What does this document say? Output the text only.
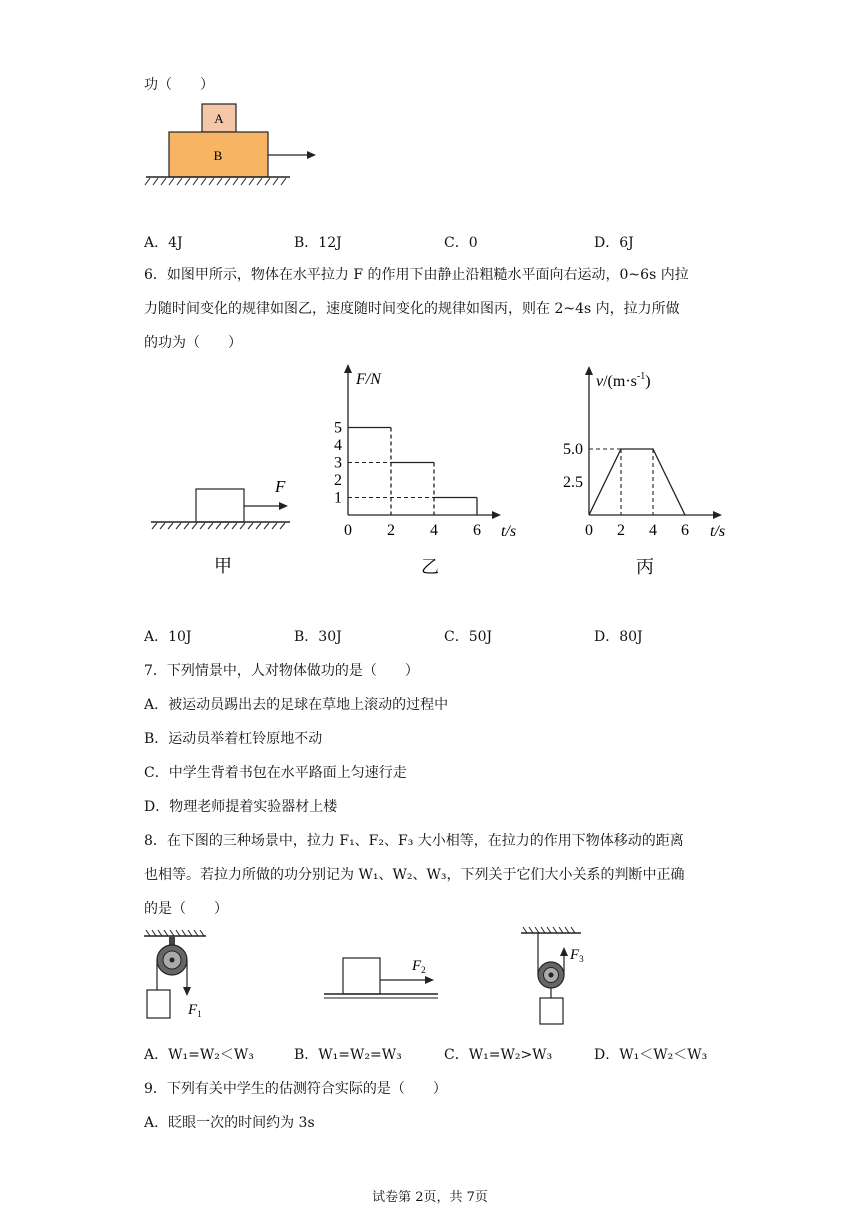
功（　　）
A
B
A．4J	B．12J	C．0	D．6J
6．如图甲所示，物体在水平拉力 F 的作用下由静止沿粗糙水平面向右运动，0~6s 内拉
力随时间变化的规律如图乙，速度随时间变化的规律如图丙，则在 2~4s 内，拉力所做
的功为（　　）
F
甲
F/N
t/s
5
4
3
2
1
0 2 4 6
乙
$v/(m\cdot s^{-1})$
t/s
5.0
2.5
0 2 4 6
丙
A．10J	B．30J	C．50J	D．80J
7．下列情景中，人对物体做功的是（　　）
A．被运动员踢出去的足球在草地上滚动的过程中
B．运动员举着杠铃原地不动
C．中学生背着书包在水平路面上匀速行走
D．物理老师提着实验器材上楼
8．在下图的三种场景中，拉力 F₁、F₂、F₃ 大小相等，在拉力的作用下物体移动的距离
也相等。若拉力所做的功分别记为 W₁、W₂、W₃，下列关于它们大小关系的判断中正确
的是（　　）
$F_1$
$F_2$
$F_3$
A．W₁=W₂＜W₃	B．W₁=W₂=W₃	C．W₁=W₂>W₃	D．W₁＜W₂＜W₃
9．下列有关中学生的估测符合实际的是（　　）
A．眨眼一次的时间约为 3s
试卷第 2页，共 7页
